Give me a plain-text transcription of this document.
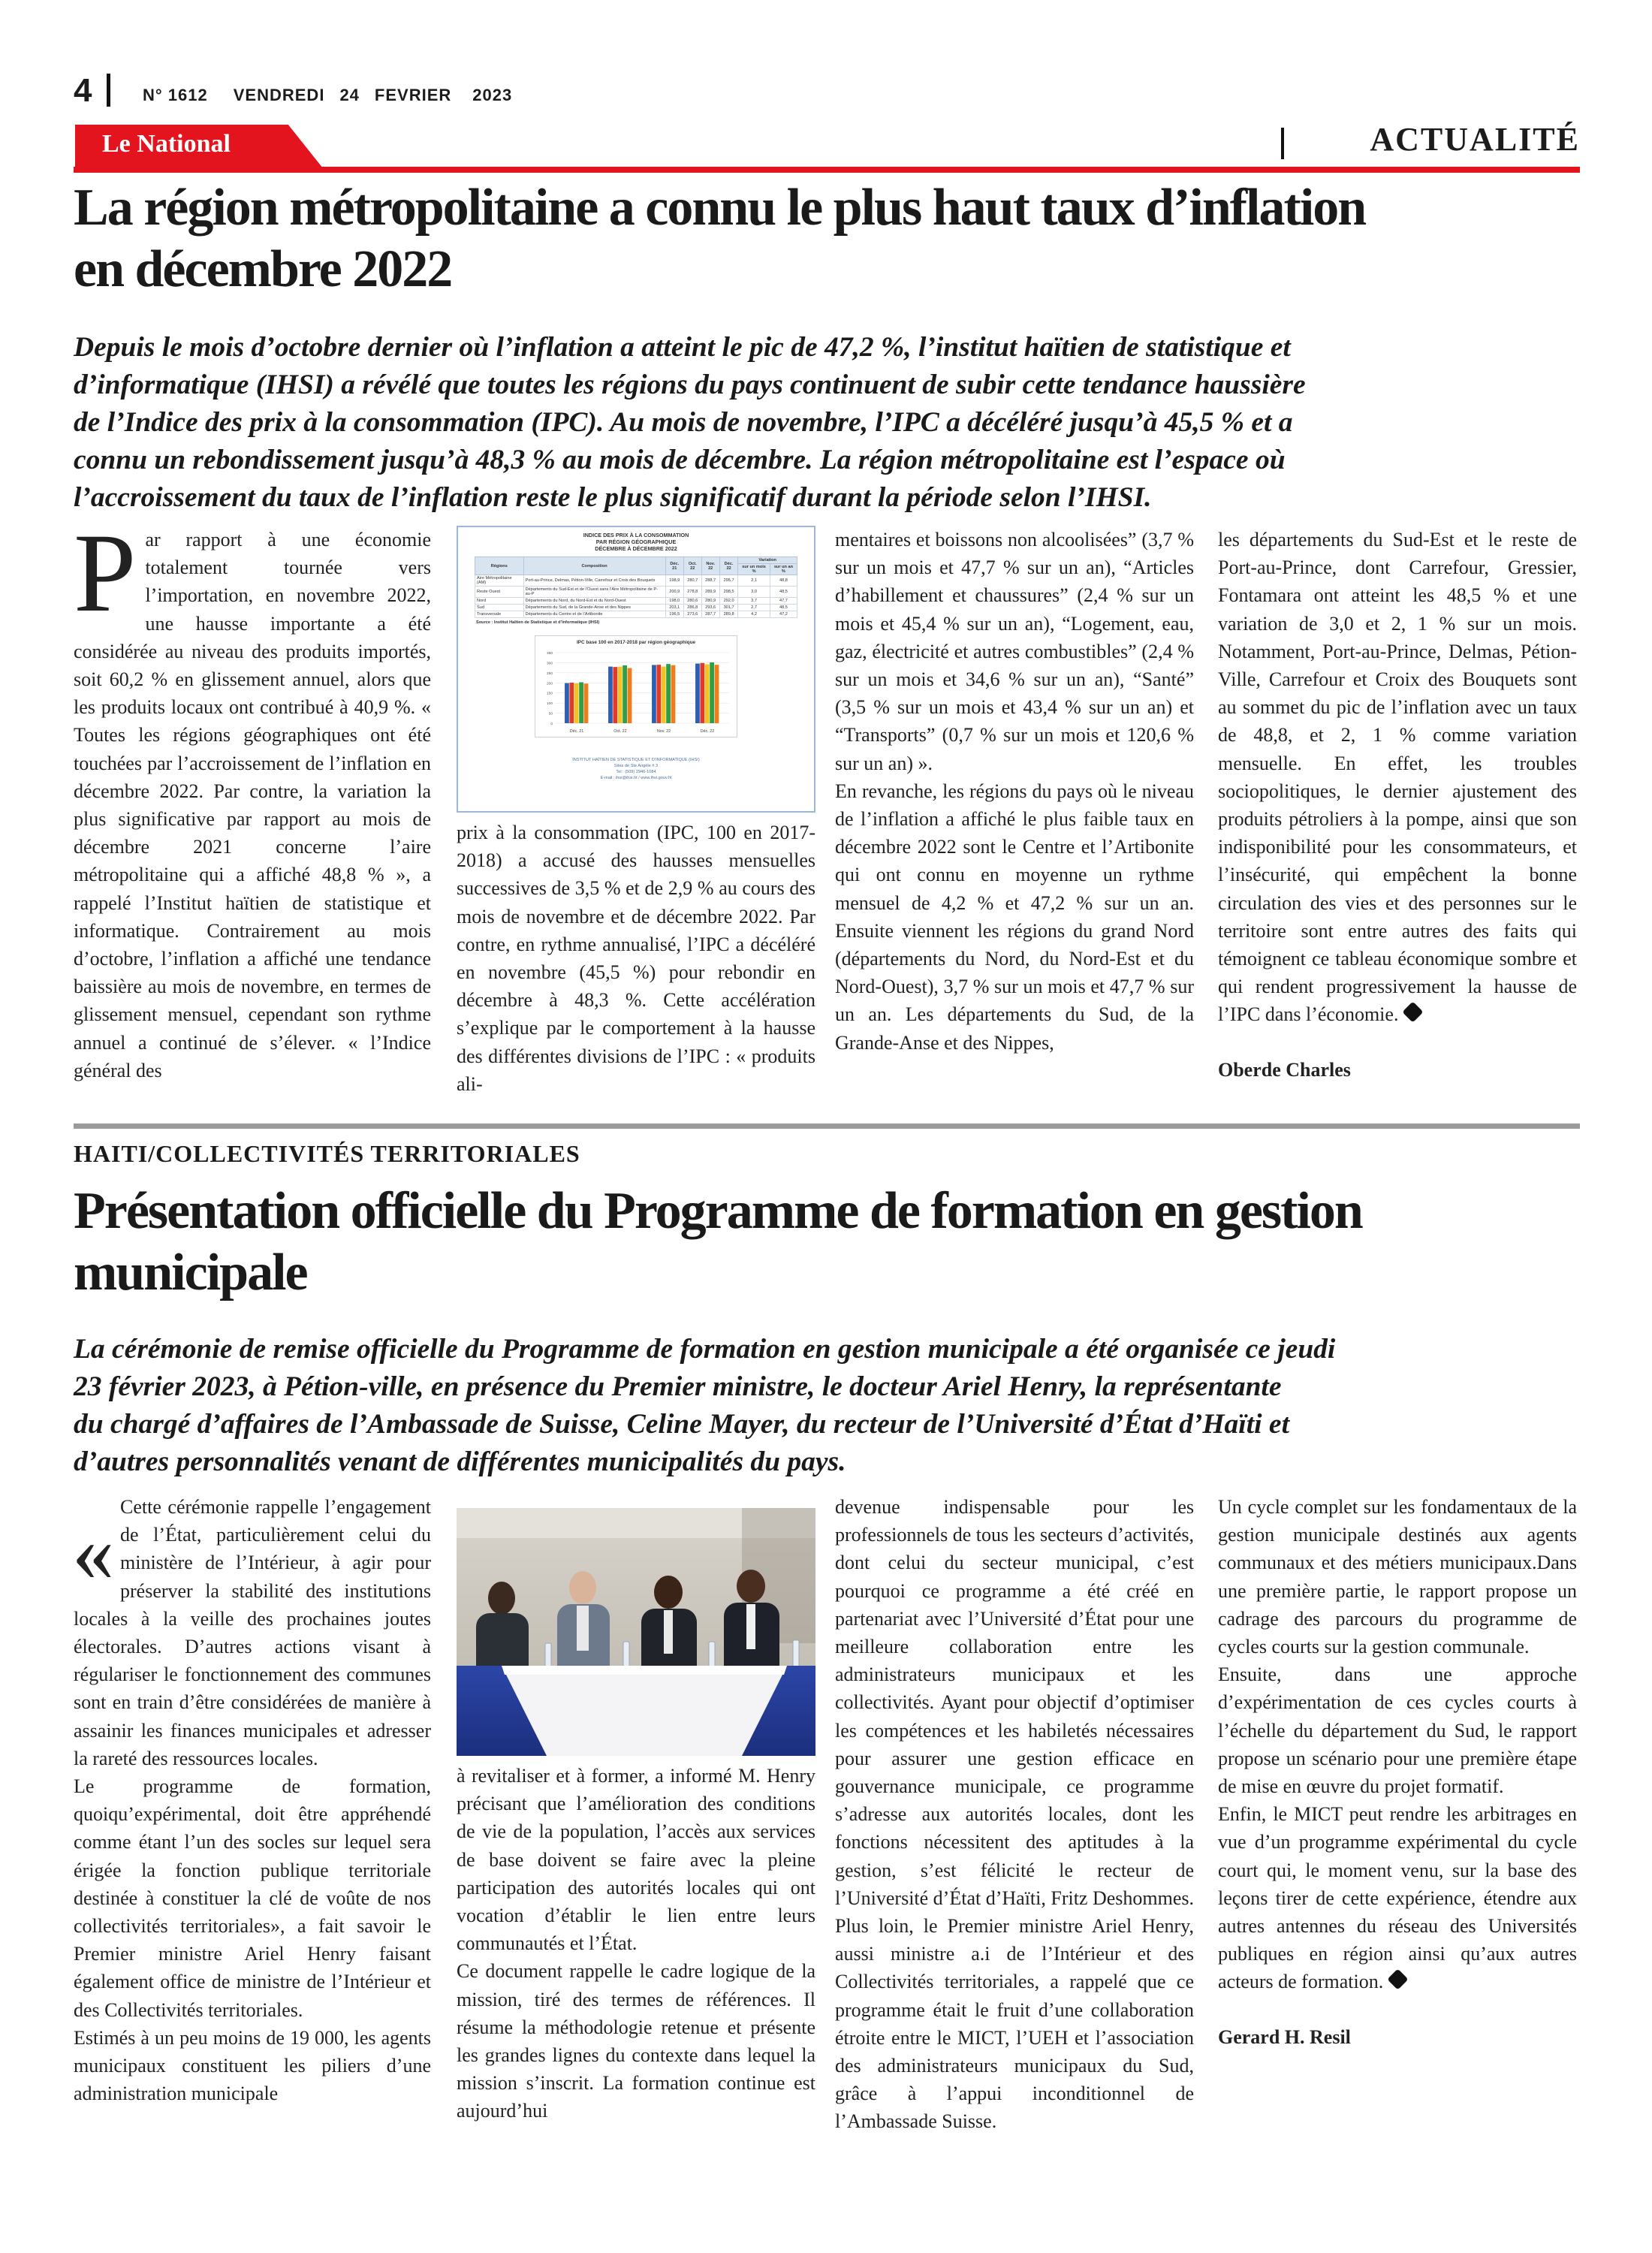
4	N° 1612 VENDREDI 24 FEVRIER 2023
Le National	ACTUALITÉ
La région métropolitaine a connu le plus haut taux d’inflation
en décembre 2022
Depuis le mois d’octobre dernier où l’inflation a atteint le pic de 47,2 %, l’institut haïtien de statistique et
d’informatique (IHSI) a révélé que toutes les régions du pays continuent de subir cette tendance haussière
de l’Indice des prix à la consommation (IPC). Au mois de novembre, l’IPC a décéléré jusqu’à 45,5 % et a
connu un rebondissement jusqu’à 48,3 % au mois de décembre. La région métropolitaine est l’espace où
l’accroissement du taux de l’inflation reste le plus significatif durant la période selon l’IHSI.
Par rapport à une économie totalement tournée vers l’importation, en novembre 2022, une hausse importante a été considérée au niveau des produits importés, soit 60,2 % en glissement annuel, alors que les produits locaux ont contribué à 40,9 %. « Toutes les régions géographiques ont été touchées par l’accroissement de l’inflation en décembre 2022. Par contre, la variation la plus significative par rapport au mois de décembre 2021 concerne l’aire métropolitaine qui a affiché 48,8 % », a rappelé l’Institut haïtien de statistique et informatique. Contrairement au mois d’octobre, l’inflation a affiché une tendance baissière au mois de novembre, en termes de glissement mensuel, cependant son rythme annuel a continué de s’élever. « l’Indice général des
INDICE DES PRIX À LA CONSOMMATION
PAR RÉGION GÉOGRAPHIQUE
DÉCEMBRE À DÉCEMBRE 2022
Régions	Composition	Déc. 21	Oct. 22	Nov. 22	Déc. 22	Variation	
						sur un mois %	sur un an %
Aire Métropolitaine (AM)	Port-au-Prince, Delmas, Pétion-Ville, Carrefour et Croix des Bouquets	198,9	280,7	288,7	295,7	2,1	48,8
Reste Ouest	Départements du Sud-Est et de l’Ouest sans l’Aire Métropolitaine de P-au-P	200,9	278,8	289,9	298,5	3,0	48,5
Nord	Départements du Nord, du Nord-Est et du Nord-Ouest	198,0	280,6	280,9	292,0	3,7	47,7
Sud	Départements du Sud, de la Grande-Anse et des Nippes	203,1	286,8	293,6	301,7	2,7	48,5
Transversale	Départements du Centre et de l’Artibonite	196,5	273,6	287,7	289,8	4,2	47,2
Source : Institut Haïtien de Statistique et d’Informatique (IHSI)
IPC base 100 en 2017-2018 par région géographique
Déc. 21	Oct. 22	Nov. 22	Déc. 22
0
50
100
150
200
250
300
350
INSTITUT HAÏTIEN DE STATISTIQUE ET D’INFORMATIQUE (IHSI)
Sites de Ste Angèle # 3
Tel : (509) 2946-1084
E-mail : ihsi@ihsi.ht / www.ihsi.gouv.ht

prix à la consommation (IPC, 100 en 2017-2018) a accusé des hausses mensuelles successives de 3,5 % et de 2,9 % au cours des mois de novembre et de décembre 2022. Par contre, en rythme annualisé, l’IPC a décéléré en novembre (45,5 %) pour rebondir en décembre à 48,3 %. Cette accélération s’explique par le comportement à la hausse des différentes divisions de l’IPC : « produits ali-

mentaires et boissons non alcoolisées” (3,7 % sur un mois et 47,7 % sur un an), “Articles d’habillement et chaussures” (2,4 % sur un mois et 45,4 % sur un an), “Logement, eau, gaz, électricité et autres combustibles” (2,4 % sur un mois et 34,6 % sur un an), “Santé” (3,5 % sur un mois et 43,4 % sur un an) et “Transports” (0,7 % sur un mois et 120,6 % sur un an) ».

En revanche, les régions du pays où le niveau de l’inflation a affiché le plus faible taux en décembre 2022 sont le Centre et l’Artibonite qui ont connu en moyenne un rythme mensuel de 4,2 % et 47,2 % sur un an. Ensuite viennent les régions du grand Nord (départements du Nord, du Nord-Est et du Nord-Ouest), 3,7 % sur un mois et 47,7 % sur un an. Les départements du Sud, de la Grande-Anse et des Nippes,

les départements du Sud-Est et le reste de Port-au-Prince, dont Carrefour, Gressier, Fontamara ont atteint les 48,5 % et une variation de 3,0 et 2, 1 % sur un mois. Notamment, Port-au-Prince, Delmas, Pétion-Ville, Carrefour et Croix des Bouquets sont au sommet du pic de l’inflation avec un taux de 48,8, et 2, 1 % comme variation mensuelle. En effet, les troubles sociopolitiques, le dernier ajustement des produits pétroliers à la pompe, ainsi que son indisponibilité pour les consommateurs, et l’insécurité, qui empêchent la bonne circulation des vies et des personnes sur le territoire sont entre autres des faits qui témoignent ce tableau économique sombre et qui rendent progressivement la hausse de l’IPC dans l’économie.

Oberde Charles
HAITI/COLLECTIVITÉS TERRITORIALES
Présentation officielle du Programme de formation en gestion
municipale
La cérémonie de remise officielle du Programme de formation en gestion municipale a été organisée ce jeudi
23 février 2023, à Pétion-ville, en présence du Premier ministre, le docteur Ariel Henry, la représentante
du chargé d’affaires de l’Ambassade de Suisse, Celine Mayer, du recteur de l’Université d’État d’Haïti et
d’autres personnalités venant de différentes municipalités du pays.

« Cette cérémonie rappelle l’engagement de l’État, particulièrement celui du ministère de l’Intérieur, à agir pour préserver la stabilité des institutions locales à la veille des prochaines joutes électorales. D’autres actions visant à régulariser le fonctionnement des communes sont en train d’être considérées de manière à assainir les finances municipales et adresser la rareté des ressources locales.

Le programme de formation, quoiqu’expérimental, doit être appréhendé comme étant l’un des socles sur lequel sera érigée la fonction publique territoriale destinée à constituer la clé de voûte de nos collectivités territoriales», a fait savoir le Premier ministre Ariel Henry faisant également office de ministre de l’Intérieur et des Collectivités territoriales.

Estimés à un peu moins de 19 000, les agents municipaux constituent les piliers d’une administration municipale

à revitaliser et à former, a informé M. Henry précisant que l’amélioration des conditions de vie de la population, l’accès aux services de base doivent se faire avec la pleine participation des autorités locales qui ont vocation d’établir le lien entre leurs communautés et l’État.

Ce document rappelle le cadre logique de la mission, tiré des termes de références. Il résume la méthodologie retenue et présente les grandes lignes du contexte dans lequel la mission s’inscrit. La formation continue est aujourd’hui

devenue indispensable pour les professionnels de tous les secteurs d’activités, dont celui du secteur municipal, c’est pourquoi ce programme a été créé en partenariat avec l’Université d’État pour une meilleure collaboration entre les administrateurs municipaux et les collectivités. Ayant pour objectif d’optimiser les compétences et les habiletés nécessaires pour assurer une gestion efficace en gouvernance municipale, ce programme s’adresse aux autorités locales, dont les fonctions nécessitent des aptitudes à la gestion, s’est félicité le recteur de l’Université d’État d’Haïti, Fritz Deshommes. Plus loin, le Premier ministre Ariel Henry, aussi ministre a.i de l’Intérieur et des Collectivités territoriales, a rappelé que ce programme était le fruit d’une collaboration étroite entre le MICT, l’UEH et l’association des administrateurs municipaux du Sud, grâce à l’appui inconditionnel de l’Ambassade Suisse.

Un cycle complet sur les fondamentaux de la gestion municipale destinés aux agents communaux et des métiers municipaux.Dans une première partie, le rapport propose un cadrage des parcours du programme de cycles courts sur la gestion communale.

Ensuite, dans une approche d’expérimentation de ces cycles courts à l’échelle du département du Sud, le rapport propose un scénario pour une première étape de mise en œuvre du projet formatif.

Enfin, le MICT peut rendre les arbitrages en vue d’un programme expérimental du cycle court qui, le moment venu, sur la base des leçons tirer de cette expérience, étendre aux autres antennes du réseau des Universités publiques en région ainsi qu’aux autres acteurs de formation.

Gerard H. Resil
